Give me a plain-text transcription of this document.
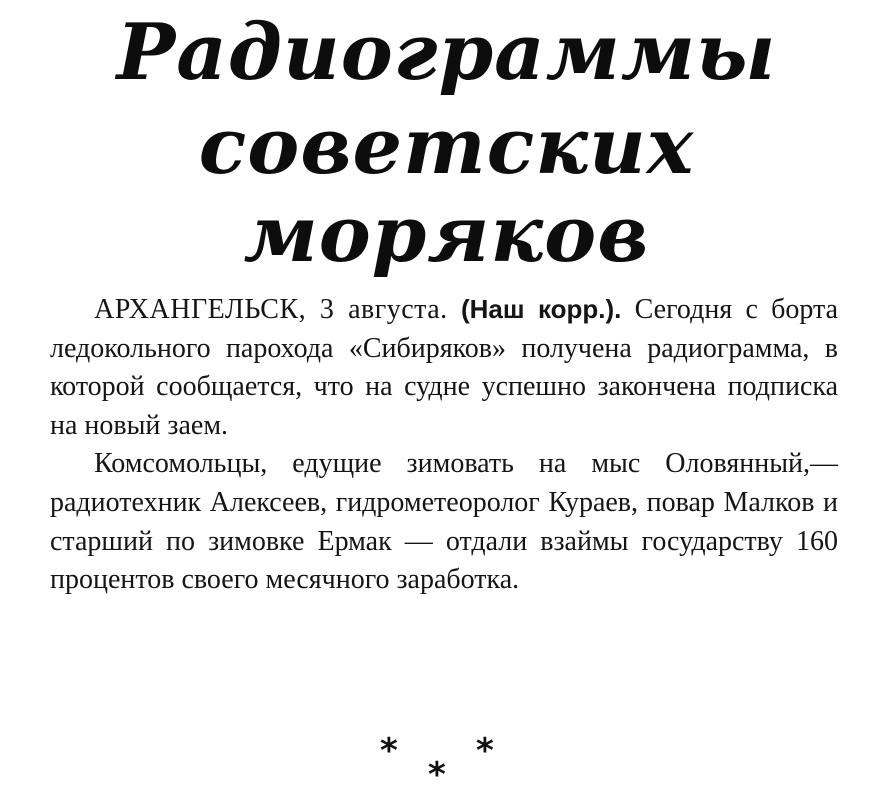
Радиограммы
советских
моряков

АРХАНГЕЛЬСК, 3 августа. (Наш корр.). Сегодня с борта ледокольного парохода «Сибиряков» получена радиограмма, в которой сообщается, что на судне успешно закончена подписка на новый заем.

Комсомольцы, едущие зимовать на мыс Оловянный,—радиотехник Алексеев, гидрометеоролог Кураев, повар Малков и старший по зимовке Ермак — отдали взаймы государству 160 процентов своего месячного заработка.

* *
*
